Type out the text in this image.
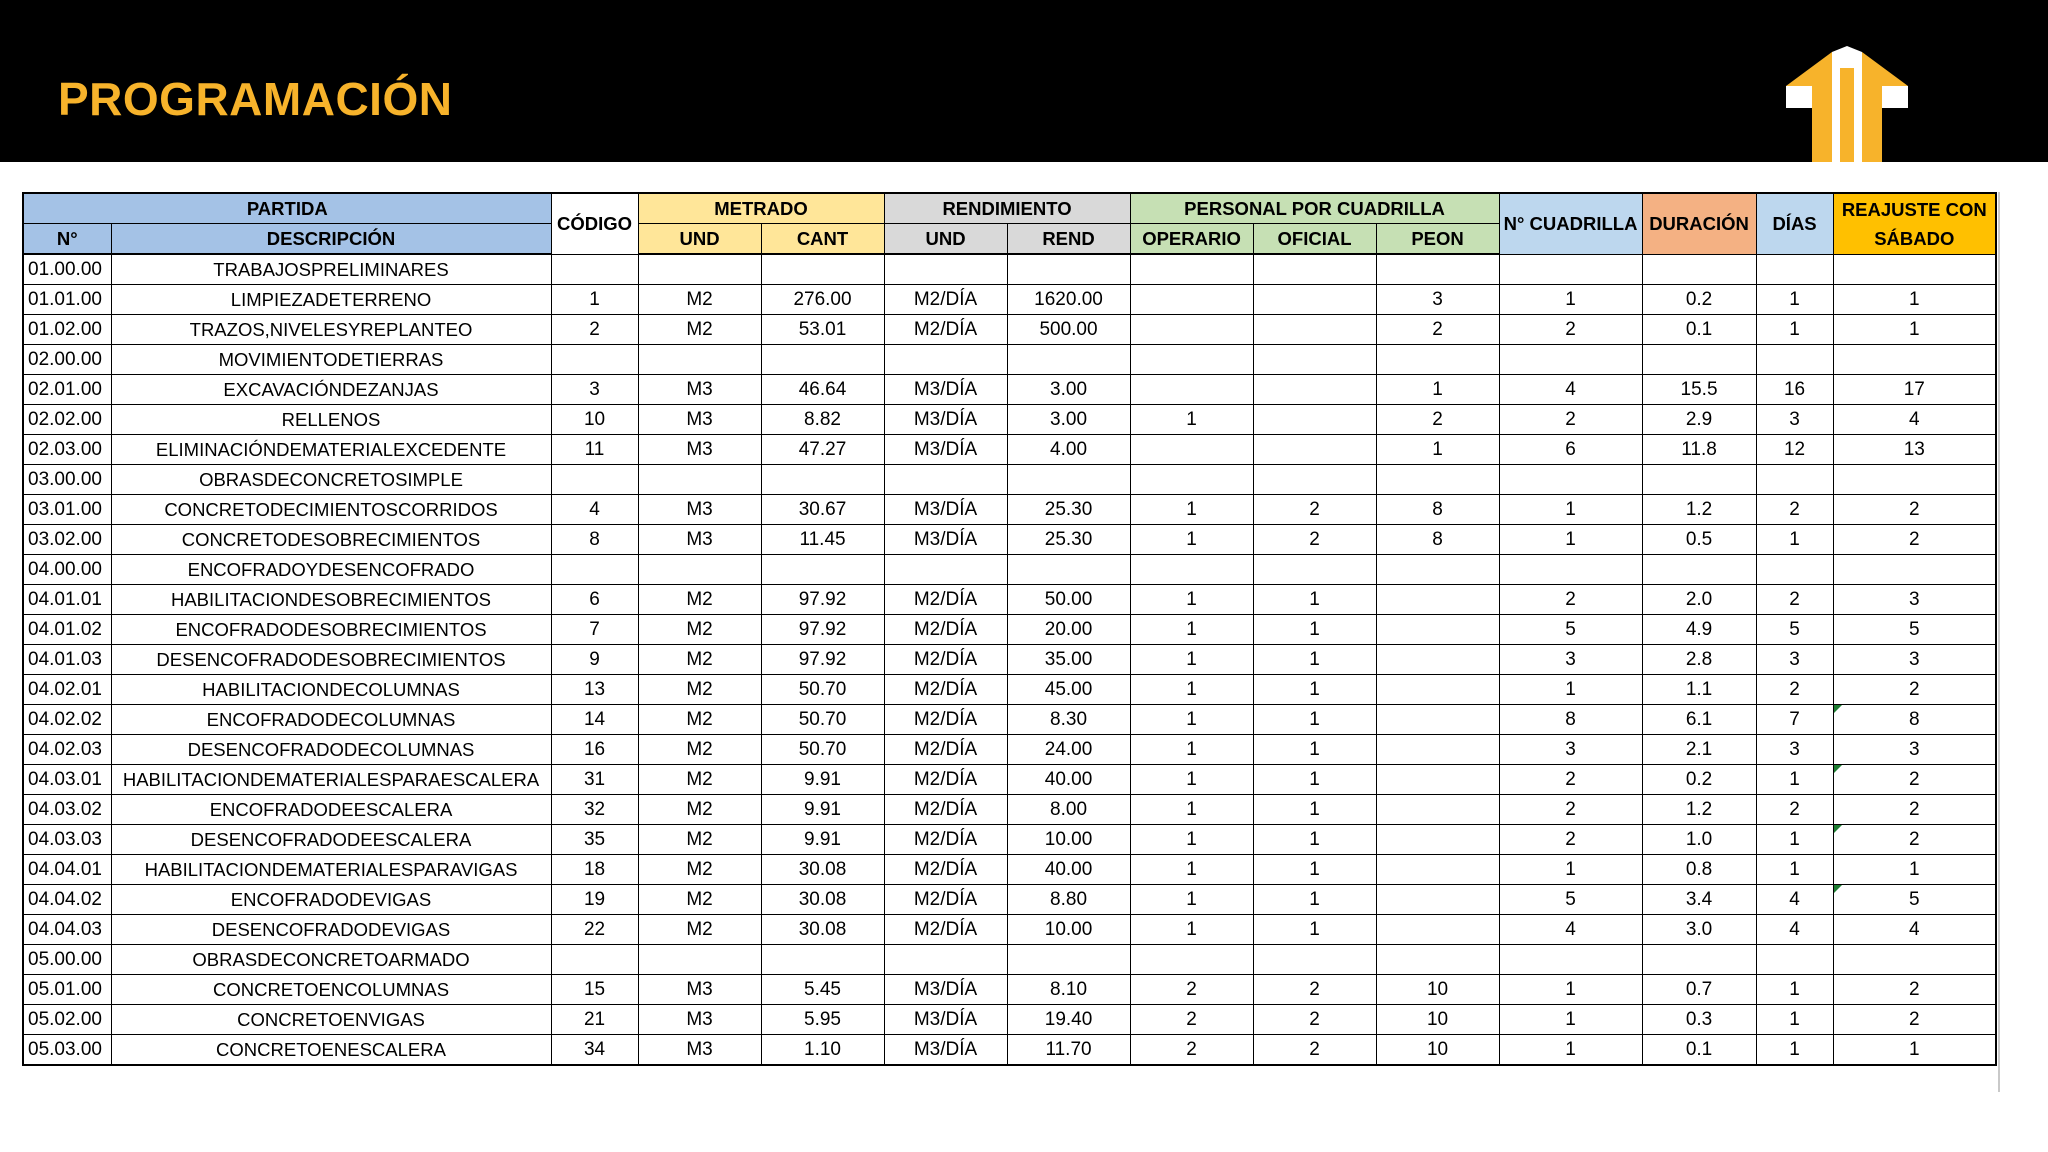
PROGRAMACIÓN
PARTIDA		CÓDIGO	METRADO		RENDIMIENTO		PERSONAL POR CUADRILLA			N° CUADRILLA	DURACIÓN	DÍAS	REAJUSTE CON
SÁBADO
N°	DESCRIPCIÓN		UND	CANT	UND	REND	OPERARIO	OFICIAL	PEON				
01.00.00	TRABAJOSPRELIMINARES												
01.01.00	LIMPIEZADETERRENO	1	M2	276.00	M2/DÍA	1620.00			3	1	0.2	1	1
01.02.00	TRAZOS,NIVELESYREPLANTEO	2	M2	53.01	M2/DÍA	500.00			2	2	0.1	1	1
02.00.00	MOVIMIENTODETIERRAS												
02.01.00	EXCAVACIÓNDEZANJAS	3	M3	46.64	M3/DÍA	3.00			1	4	15.5	16	17
02.02.00	RELLENOS	10	M3	8.82	M3/DÍA	3.00	1		2	2	2.9	3	4
02.03.00	ELIMINACIÓNDEMATERIALEXCEDENTE	11	M3	47.27	M3/DÍA	4.00			1	6	11.8	12	13
03.00.00	OBRASDECONCRETOSIMPLE												
03.01.00	CONCRETODECIMIENTOSCORRIDOS	4	M3	30.67	M3/DÍA	25.30	1	2	8	1	1.2	2	2
03.02.00	CONCRETODESOBRECIMIENTOS	8	M3	11.45	M3/DÍA	25.30	1	2	8	1	0.5	1	2
04.00.00	ENCOFRADOYDESENCOFRADO												
04.01.01	HABILITACIONDESOBRECIMIENTOS	6	M2	97.92	M2/DÍA	50.00	1	1		2	2.0	2	3
04.01.02	ENCOFRADODESOBRECIMIENTOS	7	M2	97.92	M2/DÍA	20.00	1	1		5	4.9	5	5
04.01.03	DESENCOFRADODESOBRECIMIENTOS	9	M2	97.92	M2/DÍA	35.00	1	1		3	2.8	3	3
04.02.01	HABILITACIONDECOLUMNAS	13	M2	50.70	M2/DÍA	45.00	1	1		1	1.1	2	2
04.02.02	ENCOFRADODECOLUMNAS	14	M2	50.70	M2/DÍA	8.30	1	1		8	6.1	7	8
04.02.03	DESENCOFRADODECOLUMNAS	16	M2	50.70	M2/DÍA	24.00	1	1		3	2.1	3	3
04.03.01	HABILITACIONDEMATERIALESPARAESCALERA	31	M2	9.91	M2/DÍA	40.00	1	1		2	0.2	1	2
04.03.02	ENCOFRADODEESCALERA	32	M2	9.91	M2/DÍA	8.00	1	1		2	1.2	2	2
04.03.03	DESENCOFRADODEESCALERA	35	M2	9.91	M2/DÍA	10.00	1	1		2	1.0	1	2
04.04.01	HABILITACIONDEMATERIALESPARAVIGAS	18	M2	30.08	M2/DÍA	40.00	1	1		1	0.8	1	1
04.04.02	ENCOFRADODEVIGAS	19	M2	30.08	M2/DÍA	8.80	1	1		5	3.4	4	5
04.04.03	DESENCOFRADODEVIGAS	22	M2	30.08	M2/DÍA	10.00	1	1		4	3.0	4	4
05.00.00	OBRASDECONCRETOARMADO												
05.01.00	CONCRETOENCOLUMNAS	15	M3	5.45	M3/DÍA	8.10	2	2	10	1	0.7	1	2
05.02.00	CONCRETOENVIGAS	21	M3	5.95	M3/DÍA	19.40	2	2	10	1	0.3	1	2
05.03.00	CONCRETOENESCALERA	34	M3	1.10	M3/DÍA	11.70	2	2	10	1	0.1	1	1
